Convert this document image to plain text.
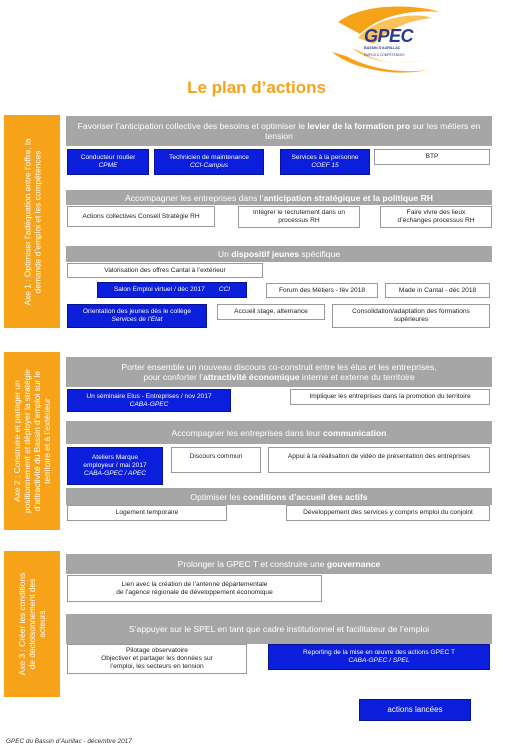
GPEC
BASSIN D'AURILLAC
EMPLOI & COMPÉTENCES
Le plan d’actions
Axe 1 : Optimiser l’adéquation entre l’offre, la demande d’emploi et les compétences
Axe 2 : Construire et partager un positionnement et déployer la stratégie d’attractivité du Bassin d’emploi sur le territoire et à l’extérieur
Axe 3 : Créer les conditions de décloisonnement des acteurs
Favoriser l’anticipation collective des besoins et optimiser le levier de la formation pro sur les métiers en tension
Conducteur routier
CPME
Technicien de maintenance
CCI-Campus
Services à la personne
COEF 15
BTP
Accompagner les entreprises dans l’anticipation stratégique et la politique RH
Actions collectives Conseil Stratégie RH	Intégrer le recrutement dans un
processus RH
Faire vivre des lieux
d’échanges processus RH
Un dispositif jeunes spécifique
Valorisation des offres Cantal à l’extérieur
Salon Emploi virtuel / déc 2017 CCI	Forum des Métiers - fév 2018	Made in Cantal - déc 2018
Orientation des jeunes dès le collège
Services de l’Etat
Accueil stage, alternance	Consolidation/adaptation des formations
supérieures
Porter ensemble un nouveau discours co-construit entre les élus et les entreprises,
pour conforter l’attractivité économique interne et externe du territoire
Un séminaire Elus - Entreprises / nov 2017
CABA-GPEC
Impliquer les entreprises dans la promotion du territoire
Accompagner les entreprises dans leur communication
Ateliers Marque
employeur / mai 2017
CABA-GPEC / APEC
Discours commun	Appui à la réalisation de vidéo de présentation des entreprises
Optimiser les conditions d’accueil des actifs
Logement temporaire	Développement des services y compris emploi du conjoint
Prolonger la GPEC T et construire une gouvernance
Lien avec la création de l’antenne départementale
de l’agence régionale de développement économique
S’appuyer sur le SPEL en tant que cadre institutionnel et facilitateur de l’emploi
Pilotage observatoire
Objectiver et partager les données sur
l’emploi, les secteurs en tension
Reporting de la mise en œuvre des actions GPEC T
CABA-GPEC / SPEL
actions lancées
GPEC du Bassin d’Aurillac - décembre 2017
